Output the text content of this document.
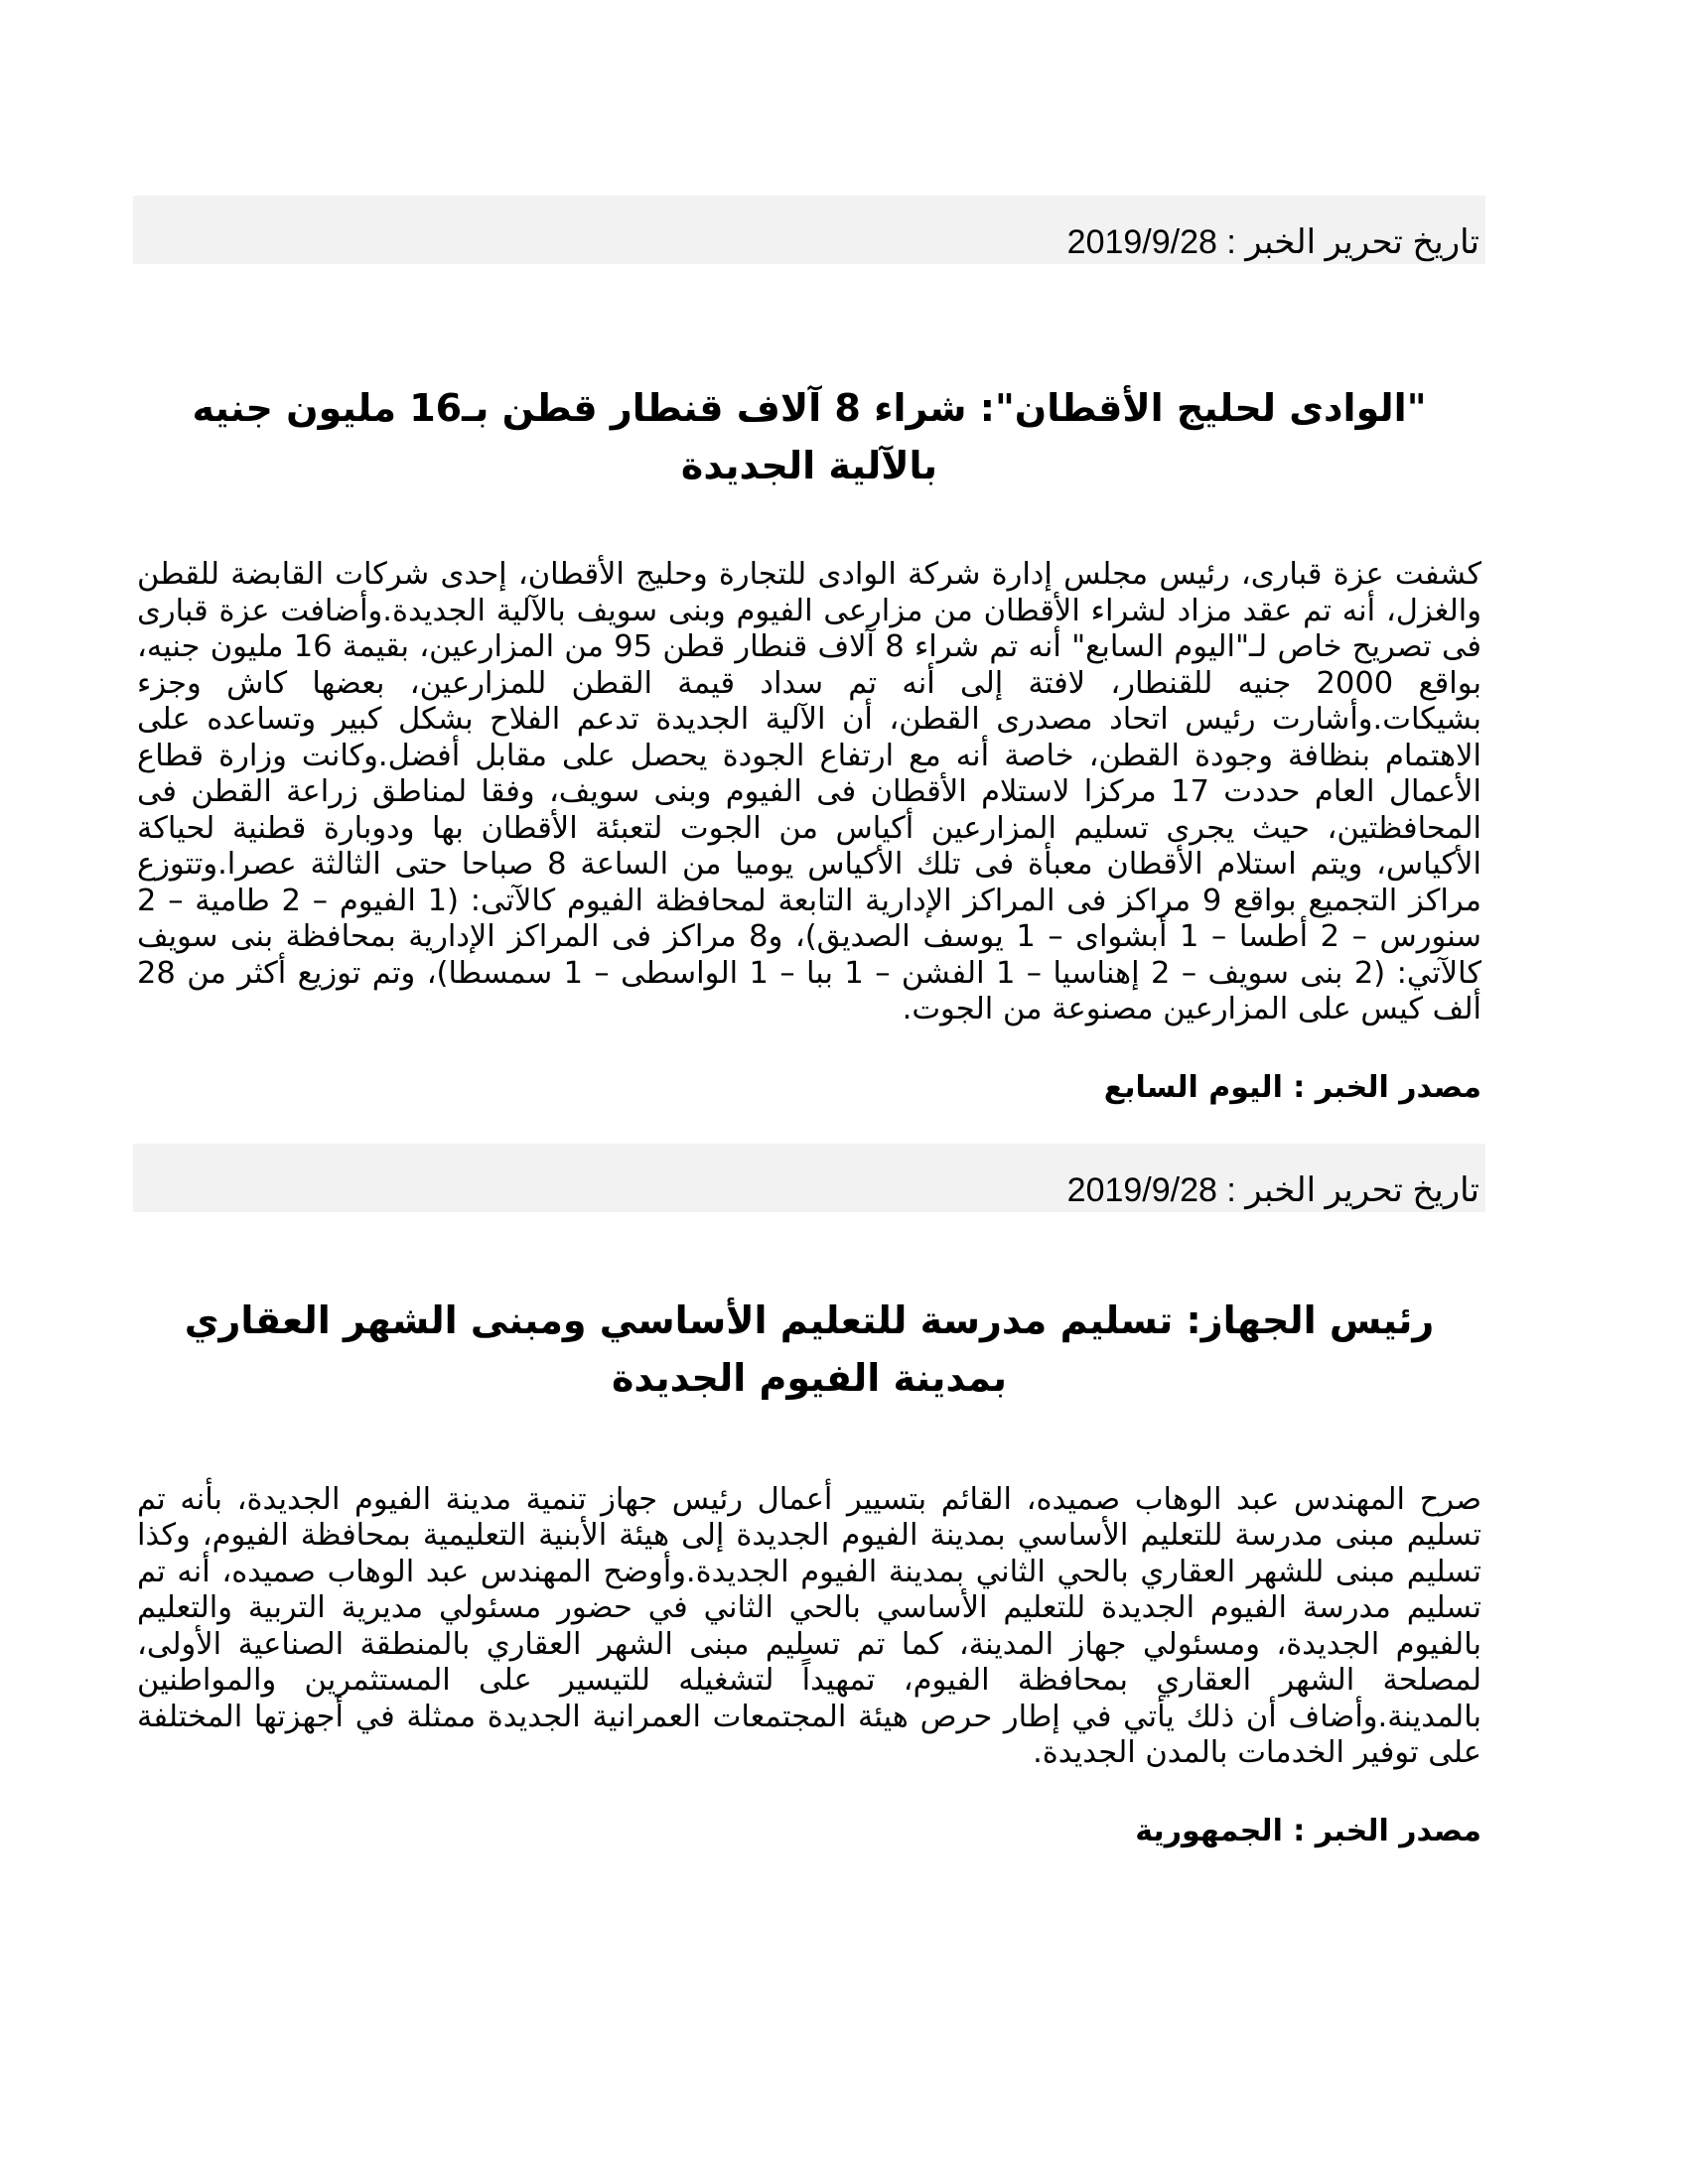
تاريخ تحرير الخبر : 2019/9/28
"الوادى لحليج الأقطان": شراء 8 آلاف قنطار قطن بـ16 مليون جنيه بالآلية الجديدة

كشفت عزة قبارى، رئيس مجلس إدارة شركة الوادى للتجارة وحليج الأقطان، إحدى شركات القابضة للقطن والغزل، أنه تم عقد مزاد لشراء الأقطان من مزارعى الفيوم وبنى سويف بالآلية الجديدة.وأضافت عزة قبارى فى تصريح خاص لـ"اليوم السابع" أنه تم شراء 8 آلاف قنطار قطن 95 من المزارعين، بقيمة 16 مليون جنيه، بواقع 2000 جنيه للقنطار، لافتة إلى أنه تم سداد قيمة القطن للمزارعين، بعضها كاش وجزء بشيكات.وأشارت رئيس اتحاد مصدرى القطن، أن الآلية الجديدة تدعم الفلاح بشكل كبير وتساعده على الاهتمام بنظافة وجودة القطن، خاصة أنه مع ارتفاع الجودة يحصل على مقابل أفضل.وكانت وزارة قطاع الأعمال العام حددت 17 مركزا لاستلام الأقطان فى الفيوم وبنى سويف، وفقا لمناطق زراعة القطن فى المحافظتين، حيث يجرى تسليم المزارعين أكياس من الجوت لتعبئة الأقطان بها ودوبارة قطنية لحياكة الأكياس، ويتم استلام الأقطان معبأة فى تلك الأكياس يوميا من الساعة 8 صباحا حتى الثالثة عصرا.وتتوزع مراكز التجميع بواقع 9 مراكز فى المراكز الإدارية التابعة لمحافظة الفيوم كالآتى: (1 الفيوم – 2 طامية – 2 سنورس – 2 أطسا – 1 أبشواى – 1 يوسف الصديق)، و8 مراكز فى المراكز الإدارية بمحافظة بنى سويف كالآتي: (2 بنى سويف – 2 إهناسيا – 1 الفشن – 1 ببا – 1 الواسطى – 1 سمسطا)، وتم توزيع أكثر من 28 ألف كيس على المزارعين مصنوعة من الجوت.

مصدر الخبر : اليوم السابع
تاريخ تحرير الخبر : 2019/9/28
رئيس الجهاز: تسليم مدرسة للتعليم الأساسي ومبنى الشهر العقاري بمدينة الفيوم الجديدة

صرح المهندس عبد الوهاب صميده، القائم بتسيير أعمال رئيس جهاز تنمية مدينة الفيوم الجديدة، بأنه تم تسليم مبنى مدرسة للتعليم الأساسي بمدينة الفيوم الجديدة إلى هيئة الأبنية التعليمية بمحافظة الفيوم، وكذا تسليم مبنى للشهر العقاري بالحي الثاني بمدينة الفيوم الجديدة.وأوضح المهندس عبد الوهاب صميده، أنه تم تسليم مدرسة الفيوم الجديدة للتعليم الأساسي بالحي الثاني في حضور مسئولي مديرية التربية والتعليم بالفيوم الجديدة، ومسئولي جهاز المدينة، كما تم تسليم مبنى الشهر العقاري بالمنطقة الصناعية الأولى، لمصلحة الشهر العقاري بمحافظة الفيوم، تمهيداً لتشغيله للتيسير على المستثمرين والمواطنين بالمدينة.وأضاف أن ذلك يأتي في إطار حرص هيئة المجتمعات العمرانية الجديدة ممثلة في أجهزتها المختلفة على توفير الخدمات بالمدن الجديدة.

مصدر الخبر : الجمهورية
